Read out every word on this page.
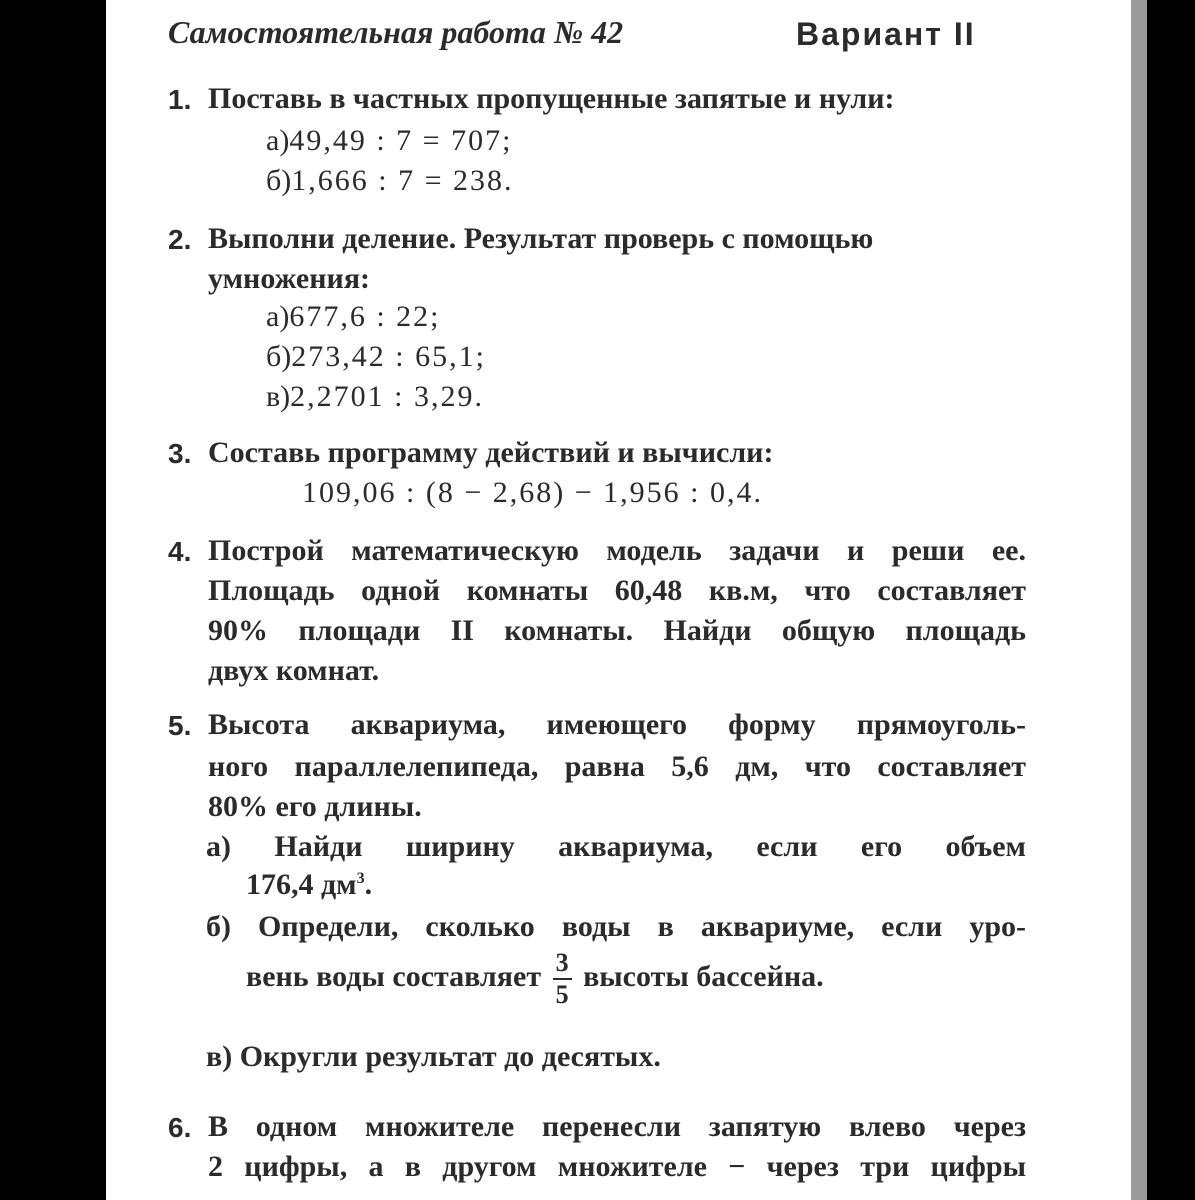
Самостоятельная работа № 42	Вариант II
1. Поставь в частных пропущенные запятые и нули:
а)49,49 : 7 = 707;
б)1,666 : 7 = 238.
2. Выполни деление. Результат проверь с помощью
умножения:
а)677,6 : 22;
б)273,42 : 65,1;
в)2,2701 : 3,29.
3. Составь программу действий и вычисли:
109,06 : (8 − 2,68) − 1,956 : 0,4.
4. Построй математическую модель задачи и реши ее.
Площадь одной комнаты 60,48 кв.м, что составляет
90% площади II комнаты. Найди общую площадь
двух комнат.
5. Высота аквариума, имеющего форму прямоуголь-
ного параллелепипеда, равна 5,6 дм, что составляет
80% его длины.
а) Найди ширину аквариума, если его объем
176,4 $дм^3$.
б) Определи, сколько воды в аквариуме, если уро-
вень воды составляет $\frac{3}{5}$ высоты бассейна.
в) Округли результат до десятых.
6. В одном множителе перенесли запятую влево через
2 цифры, а в другом множителе − через три цифры
